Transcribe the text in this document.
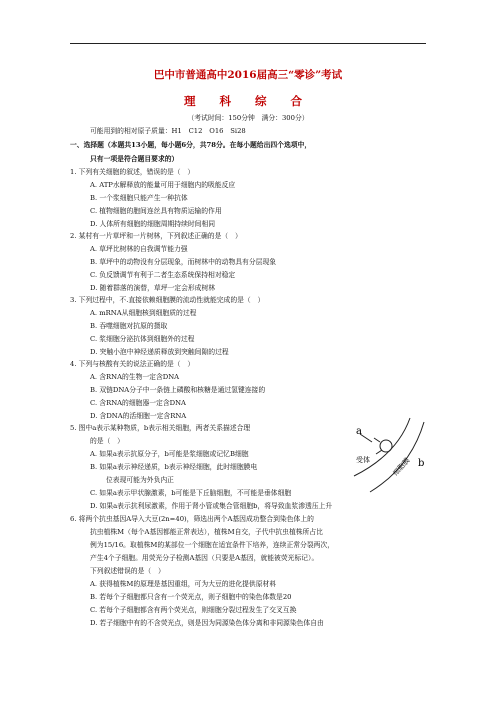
巴中市普通高中2016届高三“零诊”考试
理 科 综 合
（考试时间：150分钟　满分：300分）
可能用到的相对原子质量：H1　C12　O16　Si28
一、选择题（本题共13小题，每小题6分，共78分。在每小题给出四个选项中，
只有一项是符合题目要求的）
1. 下列有关细胞的叙述，错误的是（　）
A. ATP水解释放的能量可用于细胞内的吸能反应
B. 一个浆细胞只能产生一种抗体
C. 植物细胞的胞间连丝具有物质运输的作用
D. 人体所有细胞的细胞周期持续时间相同
2. 某村有一片草坪和一片树林，下列叙述正确的是（　）
A. 草坪比树林的自我调节能力强
B. 草坪中的动物没有分层现象，而树林中的动物具有分层现象
C. 负反馈调节有利于二者生态系统保持相对稳定
D. 随着群落的演替，草坪一定会形成树林
3. 下列过程中，不.直接依赖细胞膜的流动性就能完成的是（　）
A. mRNA从细胞核到细胞质的过程
B. 吞噬细胞对抗原的摄取
C. 浆细胞分泌抗体到细胞外的过程
D. 突触小泡中神经递质释放到突触间隙的过程
4. 下列与核酸有关的说法正确的是（　）
A. 含RNA的生物一定含DNA
B. 双链DNA分子中一条链上磷酸和核糖是通过氢键连接的
C. 含RNA的细胞器一定含DNA
D. 含DNA的活细胞一定含RNA
5. 图中a表示某种物质，b表示相关细胞，两者关系描述合理
的是（　）
A. 如果a表示抗原分子，b可能是浆细胞或记忆B细胞
B. 如果a表示神经递质，b表示神经细胞，此时细胞膜电
位表现可能为外负内正
C. 如果a表示甲状腺激素，b可能是下丘脑细胞，不可能是垂体细胞
D. 如果a表示抗利尿激素，作用于肾小管或集合管细胞b，将导致血浆渗透压上升
a
受体	细胞膜 b
6. 将两个抗虫基因A导入大豆(2n=40)，筛选出两个A基因成功整合到染色体上的
抗虫植株M（每个A基因都能正常表达），植株M自交，子代中抗虫植株所占比
例为15/16。取植株M的某部位一个细胞在适宜条件下培养，连续正常分裂两次，
产生4个子细胞。用荧光分子检测A基因（只要是A基因，就能被荧光标记）。
下列叙述错误的是（　）
A. 获得植株M的原理是基因重组，可为大豆的进化提供原材料
B. 若每个子细胞都只含有一个荧光点，则子细胞中的染色体数是20
C. 若每个子细胞都含有两个荧光点，则细胞分裂过程发生了交叉互换
D. 若子细胞中有的不含荧光点，则是因为同源染色体分离和非同源染色体自由
